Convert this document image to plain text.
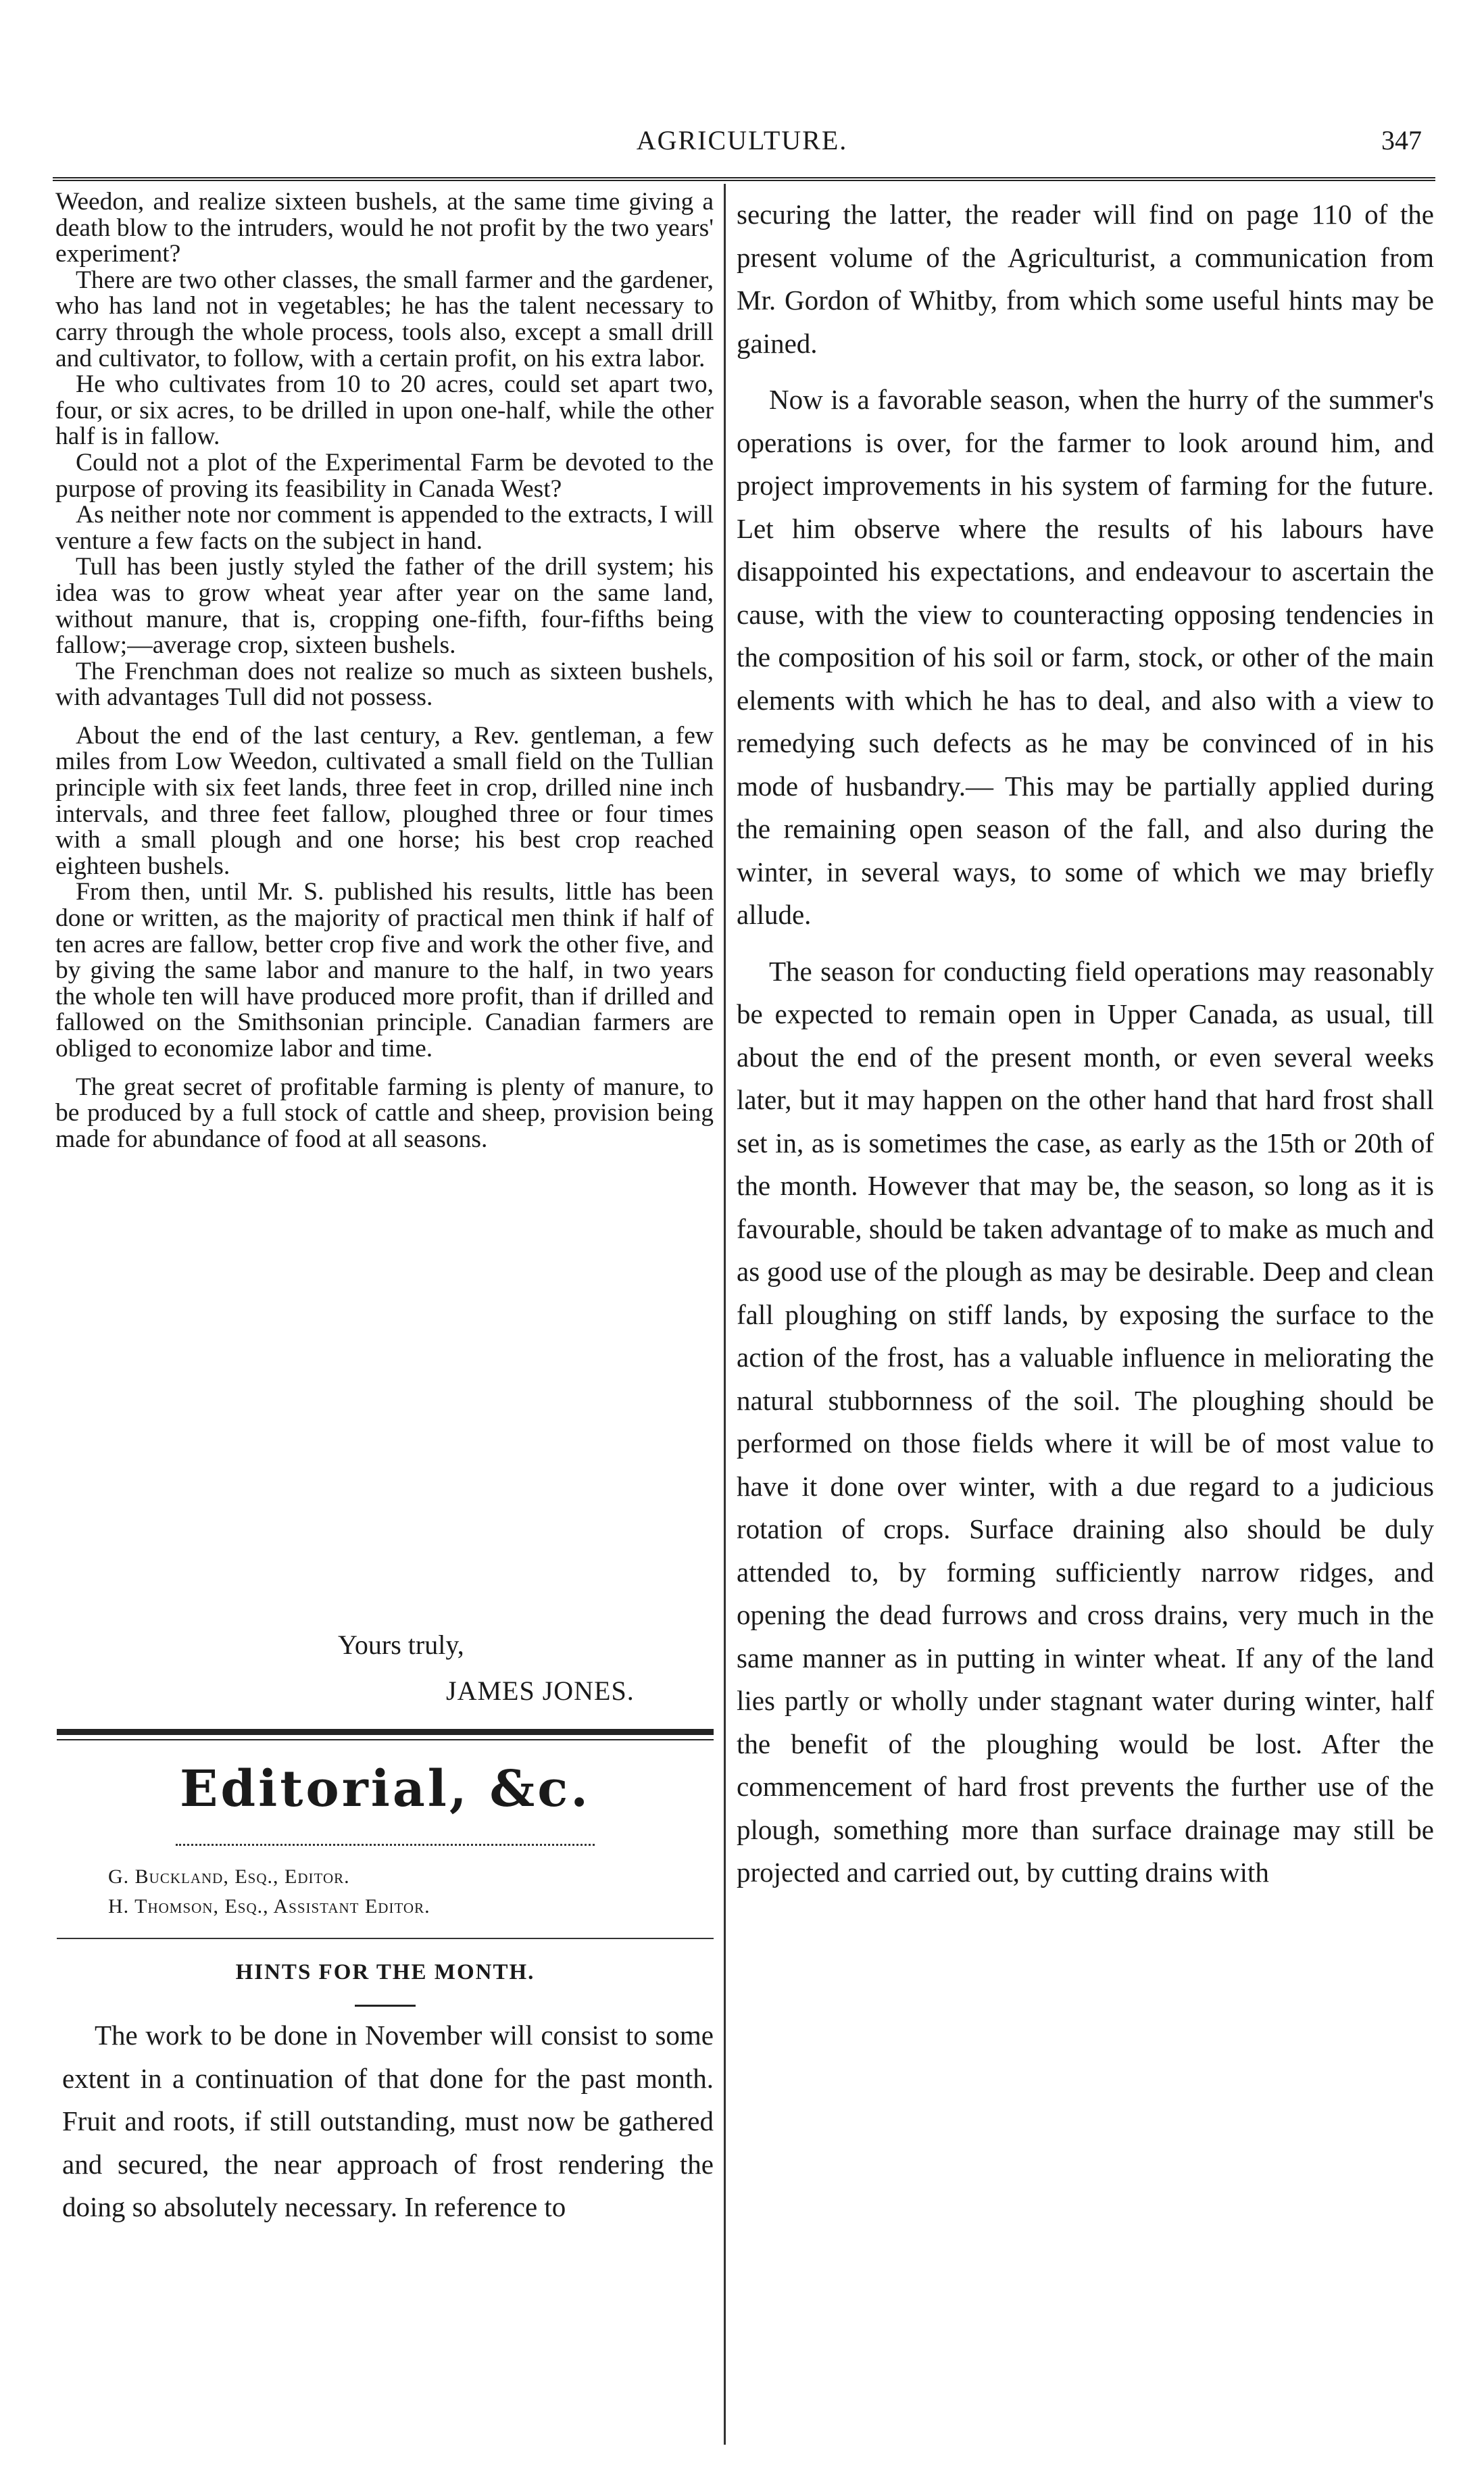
AGRICULTURE.	347

Weedon, and realize sixteen bushels, at the same time giving a death blow to the intruders, would he not profit by the two years' experiment?

There are two other classes, the small farmer and the gardener, who has land not in vegetables; he has the talent necessary to carry through the whole process, tools also, except a small drill and cultivator, to follow, with a certain profit, on his extra labor.

He who cultivates from 10 to 20 acres, could set apart two, four, or six acres, to be drilled in upon one-half, while the other half is in fallow.

Could not a plot of the Experimental Farm be devoted to the purpose of proving its feasibility in Canada West?

As neither note nor comment is appended to the extracts, I will venture a few facts on the subject in hand.

Tull has been justly styled the father of the drill system; his idea was to grow wheat year after year on the same land, without manure, that is, cropping one-fifth, four-fifths being fallow;—average crop, sixteen bushels.

The Frenchman does not realize so much as sixteen bushels, with advantages Tull did not possess.

About the end of the last century, a Rev. gentleman, a few miles from Low Weedon, cultivated a small field on the Tullian principle with six feet lands, three feet in crop, drilled nine inch intervals, and three feet fallow, ploughed three or four times with a small plough and one horse; his best crop reached eighteen bushels.

From then, until Mr. S. published his results, little has been done or written, as the majority of practical men think if half of ten acres are fallow, better crop five and work the other five, and by giving the same labor and manure to the half, in two years the whole ten will have produced more profit, than if drilled and fallowed on the Smithsonian principle. Canadian farmers are obliged to economize labor and time.

The great secret of profitable farming is plenty of manure, to be produced by a full stock of cattle and sheep, provision being made for abundance of food at all seasons.

Yours truly,
JAMES JONES.
Editorial, &c.
G. Buckland, Esq., Editor.
H. Thomson, Esq., Assistant Editor.
HINTS FOR THE MONTH.

The work to be done in November will consist to some extent in a continuation of that done for the past month. Fruit and roots, if still outstanding, must now be gathered and secured, the near approach of frost rendering the doing so absolutely necessary. In reference to

securing the latter, the reader will find on page 110 of the present volume of the Agriculturist, a communication from Mr. Gordon of Whitby, from which some useful hints may be gained.

Now is a favorable season, when the hurry of the summer's operations is over, for the farmer to look around him, and project improvements in his system of farming for the future. Let him observe where the results of his labours have disappointed his expectations, and endeavour to ascertain the cause, with the view to counteracting opposing tendencies in the composition of his soil or farm, stock, or other of the main elements with which he has to deal, and also with a view to remedying such defects as he may be convinced of in his mode of husbandry.— This may be partially applied during the remaining open season of the fall, and also during the winter, in several ways, to some of which we may briefly allude.

The season for conducting field operations may reasonably be expected to remain open in Upper Canada, as usual, till about the end of the present month, or even several weeks later, but it may happen on the other hand that hard frost shall set in, as is sometimes the case, as early as the 15th or 20th of the month. However that may be, the season, so long as it is favourable, should be taken advantage of to make as much and as good use of the plough as may be desirable. Deep and clean fall ploughing on stiff lands, by exposing the surface to the action of the frost, has a valuable influence in meliorating the natural stubbornness of the soil. The ploughing should be performed on those fields where it will be of most value to have it done over winter, with a due regard to a judicious rotation of crops. Surface draining also should be duly attended to, by forming sufficiently narrow ridges, and opening the dead furrows and cross drains, very much in the same manner as in putting in winter wheat. If any of the land lies partly or wholly under stagnant water during winter, half the benefit of the ploughing would be lost. After the commencement of hard frost prevents the further use of the plough, something more than surface drainage may still be projected and carried out, by cutting drains with
